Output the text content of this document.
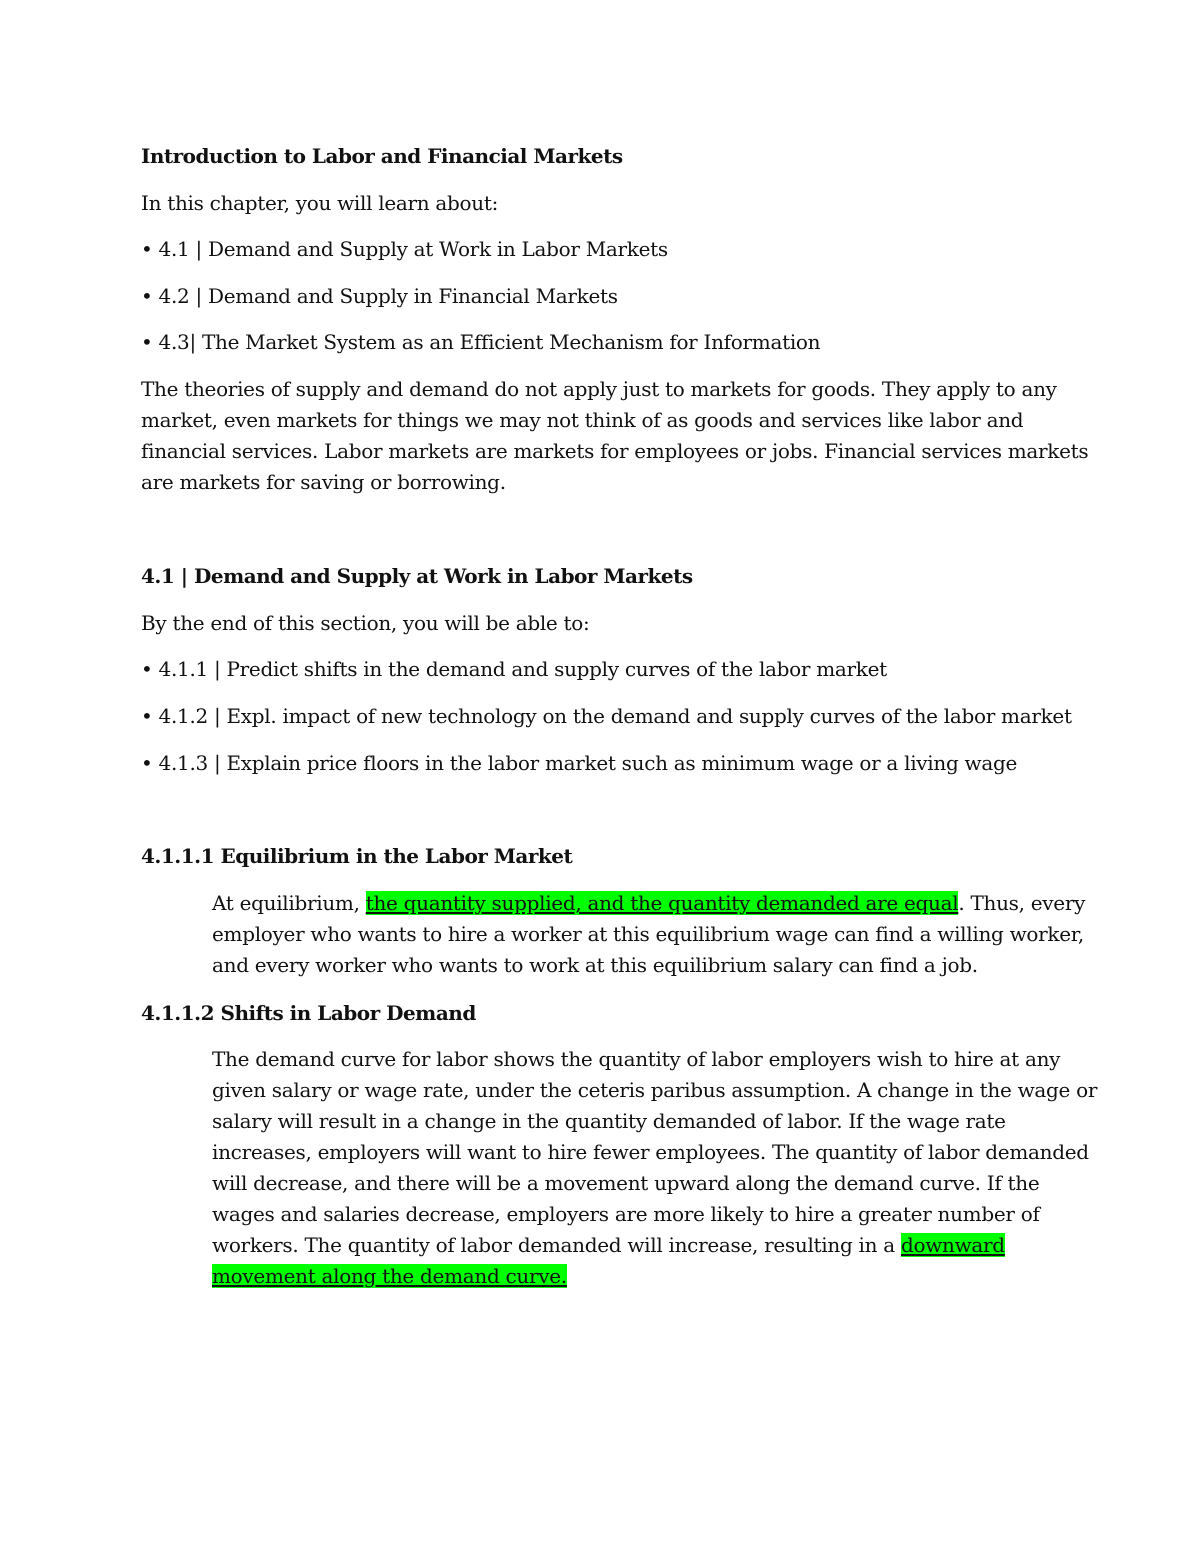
Introduction to Labor and Financial Markets

In this chapter, you will learn about:

• 4.1 | Demand and Supply at Work in Labor Markets

• 4.2 | Demand and Supply in Financial Markets

• 4.3| The Market System as an Efficient Mechanism for Information

The theories of supply and demand do not apply just to markets for goods. They apply to any

market, even markets for things we may not think of as goods and services like labor and

financial services. Labor markets are markets for employees or jobs. Financial services markets

are markets for saving or borrowing.

4.1 | Demand and Supply at Work in Labor Markets

By the end of this section, you will be able to:

• 4.1.1 | Predict shifts in the demand and supply curves of the labor market

• 4.1.2 | Expl. impact of new technology on the demand and supply curves of the labor market

• 4.1.3 | Explain price floors in the labor market such as minimum wage or a living wage

4.1.1.1 Equilibrium in the Labor Market

At equilibrium, the quantity supplied, and the quantity demanded are equal. Thus, every

employer who wants to hire a worker at this equilibrium wage can find a willing worker,

and every worker who wants to work at this equilibrium salary can find a job.

4.1.1.2 Shifts in Labor Demand

The demand curve for labor shows the quantity of labor employers wish to hire at any

given salary or wage rate, under the ceteris paribus assumption. A change in the wage or

salary will result in a change in the quantity demanded of labor. If the wage rate

increases, employers will want to hire fewer employees. The quantity of labor demanded

will decrease, and there will be a movement upward along the demand curve. If the

wages and salaries decrease, employers are more likely to hire a greater number of

workers. The quantity of labor demanded will increase, resulting in a downward

movement along the demand curve.
